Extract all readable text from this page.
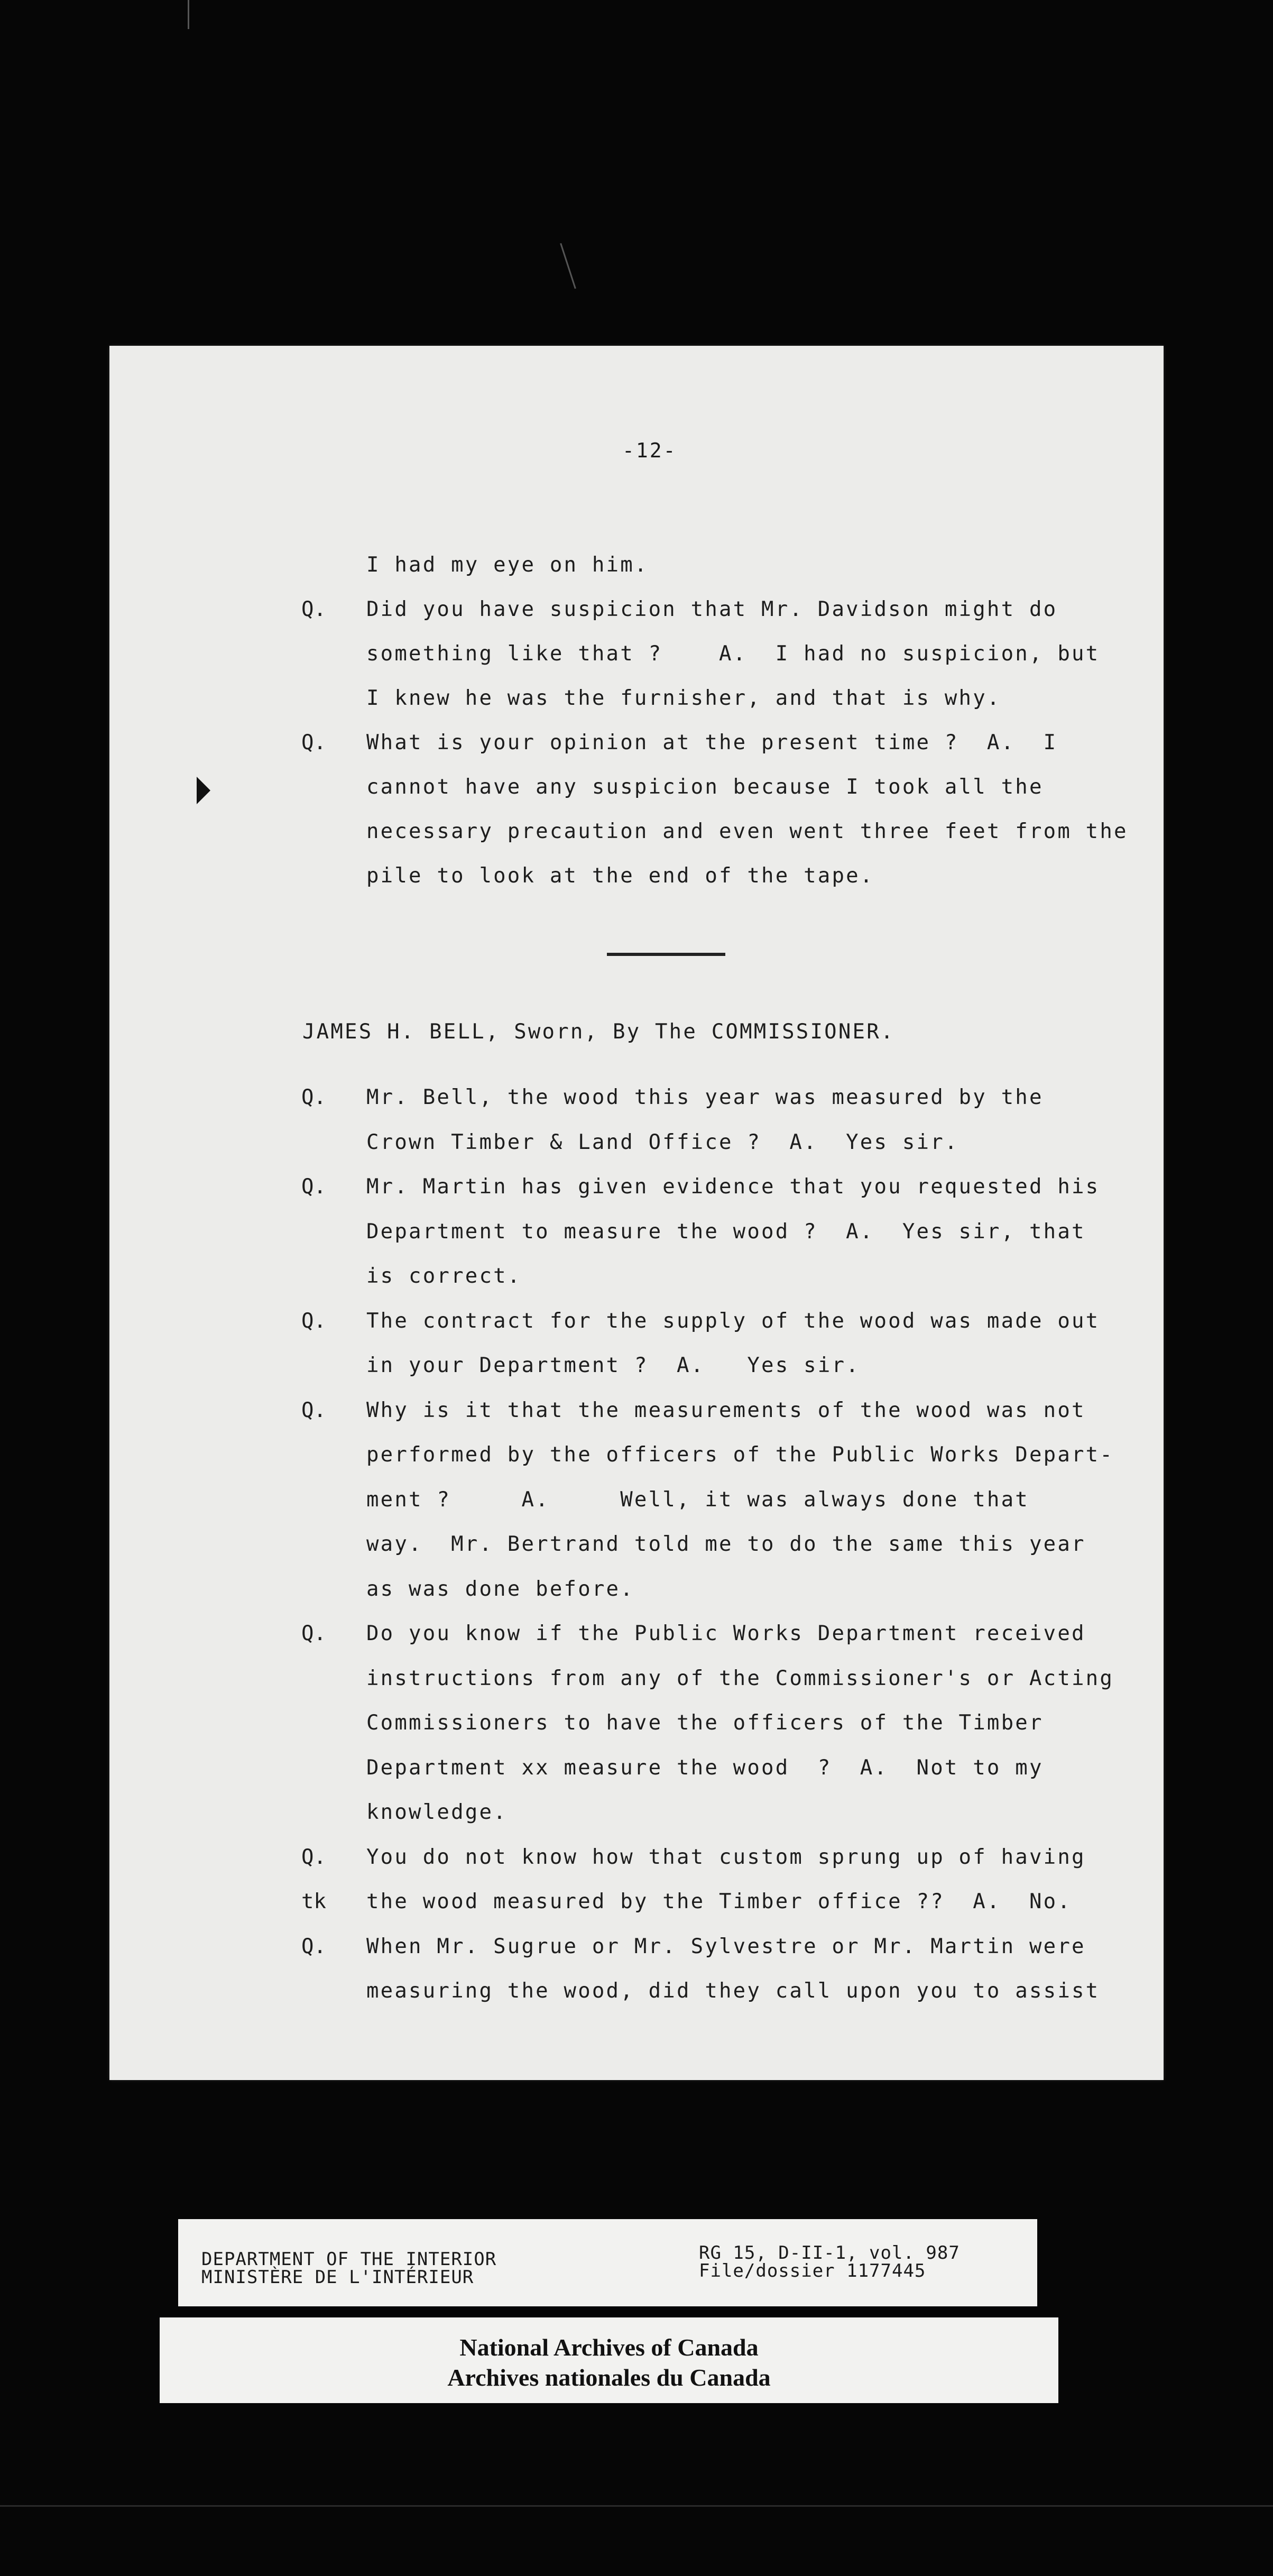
-12-
I had my eye on him.
Q. Did you have suspicion that Mr. Davidson might do
something like that ?    A.  I had no suspicion, but
I knew he was the furnisher, and that is why.
Q. What is your opinion at the present time ?  A.  I
cannot have any suspicion because I took all the
necessary precaution and even went three feet from the
pile to look at the end of the tape.
JAMES H. BELL, Sworn, By The COMMISSIONER.
Q. Mr. Bell, the wood this year was measured by the
Crown Timber & Land Office ?  A.  Yes sir.
Q. Mr. Martin has given evidence that you requested his
Department to measure the wood ?  A.  Yes sir, that
is correct.
Q. The contract for the supply of the wood was made out
in your Department ?  A.   Yes sir.
Q. Why is it that the measurements of the wood was not
performed by the officers of the Public Works Depart-
ment ?     A.     Well, it was always done that
way.  Mr. Bertrand told me to do the same this year
as was done before.
Q. Do you know if the Public Works Department received
instructions from any of the Commissioner's or Acting
Commissioners to have the officers of the Timber
Department xx measure the wood  ?  A.  Not to my
knowledge.
Q. You do not know how that custom sprung up of having
tk the wood measured by the Timber office ??  A.  No.
Q. When Mr. Sugrue or Mr. Sylvestre or Mr. Martin were
measuring the wood, did they call upon you to assist
DEPARTMENT OF THE INTERIOR
MINISTÈRE DE L'INTÉRIEUR
RG 15, D-II-1, vol. 987
File/dossier 1177445
National Archives of Canada
Archives nationales du Canada
